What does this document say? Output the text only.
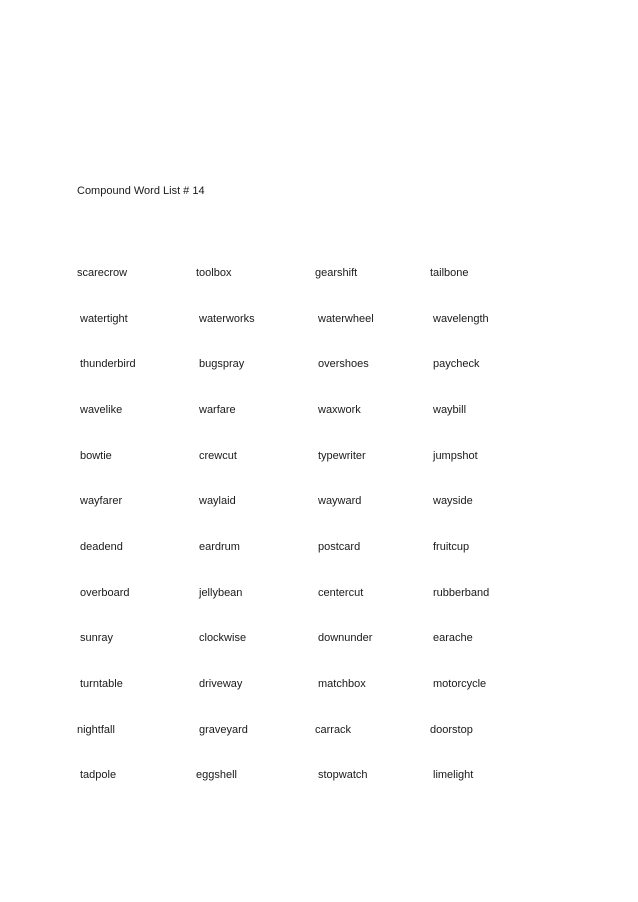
Compound Word List # 14
scarecrow	toolbox	gearshift	tailbone
watertight	waterworks	waterwheel	wavelength
thunderbird	bugspray	overshoes	paycheck
wavelike	warfare	waxwork	waybill
bowtie	crewcut	typewriter	jumpshot
wayfarer	waylaid	wayward	wayside
deadend	eardrum	postcard	fruitcup
overboard	jellybean	centercut	rubberband
sunray	clockwise	downunder	earache
turntable	driveway	matchbox	motorcycle
nightfall	graveyard	carrack	doorstop
tadpole	eggshell	stopwatch	limelight
